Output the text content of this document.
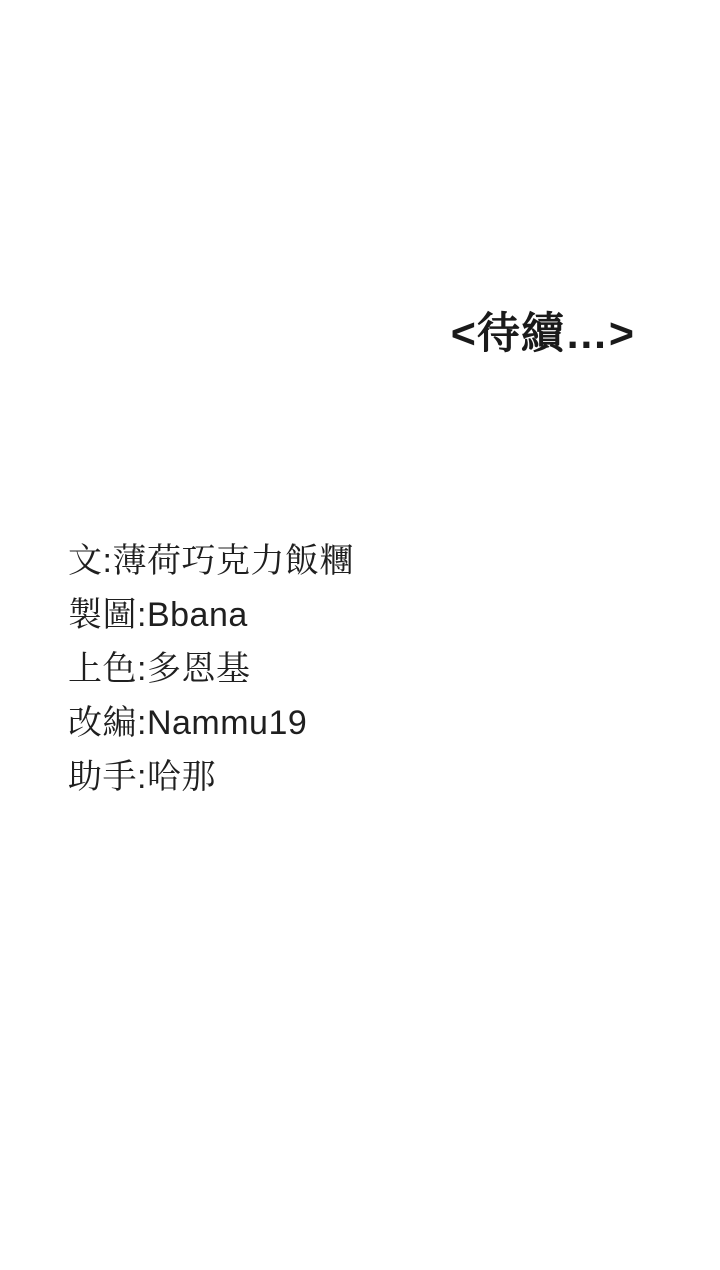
<待續…>
文:薄荷巧克力飯糰
製圖:Bbana
上色:多恩基
改編:Nammu19
助手:哈那
